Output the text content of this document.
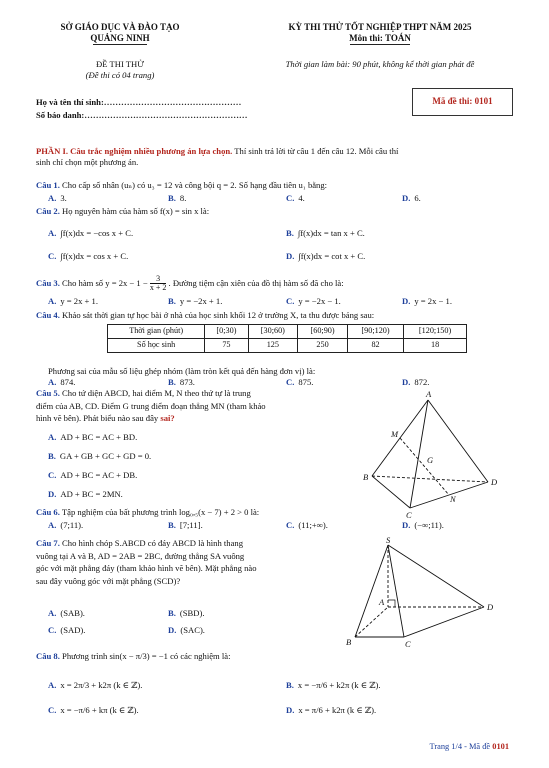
SỞ GIÁO DỤC VÀ ĐÀO TẠO
QUẢNG NINH
ĐỀ THI THỬ
(Đề thi có 04 trang)
KỲ THI THỬ TỐT NGHIỆP THPT NĂM 2025
Môn thi: TOÁN
Thời gian làm bài: 90 phút, không kể thời gian phát đề
Họ và tên thí sinh:…………………………………………
Số báo danh:…………………………………………………
Mã đề thi: 0101
PHẦN I. Câu trắc nghiệm nhiều phương án lựa chọn. Thí sinh trả lời từ câu 1 đến câu 12. Mỗi câu thí
sinh chỉ chọn một phương án.
Câu 1. Cho cấp số nhân (uₙ) có u₃ = 12 và công bội q = 2. Số hạng đầu tiên u₁ bằng:
A. 3.	B. 8.	C. 4.	D. 6.
Câu 2. Họ nguyên hàm của hàm số f(x) = sin x là:
A. ∫f(x)dx = −cos x + C.	B. ∫f(x)dx = tan x + C.
C. ∫f(x)dx = cos x + C.	D. ∫f(x)dx = cot x + C.
Câu 3. Cho hàm số $y = 2x - 1 - \frac{3}{x + 2}$ . Đường tiệm cận xiên của đồ thị hàm số đã cho là:
A. y = 2x + 1.	B. y = −2x + 1.	C. y = −2x − 1.	D. y = 2x − 1.
Câu 4. Khảo sát thời gian tự học bài ở nhà của học sinh khối 12 ở trường X, ta thu được bảng sau:
Thời gian (phút)	[0;30)	[30;60)	[60;90)	[90;120)	[120;150)
Số học sinh	75	125	250	82	18
Phương sai của mẫu số liệu ghép nhóm (làm tròn kết quả đến hàng đơn vị) là:
A. 874.	B. 873.	C. 875.	D. 872.
Câu 5. Cho tứ diện ABCD, hai điểm M, N theo thứ tự là trung
điểm của AB, CD. Điểm G trung điểm đoạn thẳng MN (tham khảo
hình vẽ bên). Phát biểu nào sau đây sai?
A. AD + BC = AC + BD.
B. GA + GB + GC + GD = 0.
C. AD + BC = AC + DB.
D. AD + BC = 2MN.
A
B
C
D
M
N
G
Câu 6. Tập nghiệm của bất phương trình log₀,₅(x − 7) + 2 > 0 là:
A. (7;11).	B. [7;11].	C. (11;+∞).	D. (−∞;11).
Câu 7. Cho hình chóp S.ABCD có đáy ABCD là hình thang
vuông tại A và B, AD = 2AB = 2BC, đường thẳng SA vuông
góc với mặt phẳng đáy (tham khảo hình vẽ bên). Mặt phẳng nào
sau đây vuông góc với mặt phẳng (SCD)?
A. (SAB).	B. (SBD).
C. (SAD).	D. (SAC).
S
A
B	C
D
Câu 8. Phương trình sin(x − π/3) = −1 có các nghiệm là:
A. x = 2π/3 + k2π (k ∈ ℤ).	B. x = −π/6 + k2π (k ∈ ℤ).
C. x = −π/6 + kπ (k ∈ ℤ).	D. x = π/6 + k2π (k ∈ ℤ).
Trang 1/4 - Mã đề 0101
